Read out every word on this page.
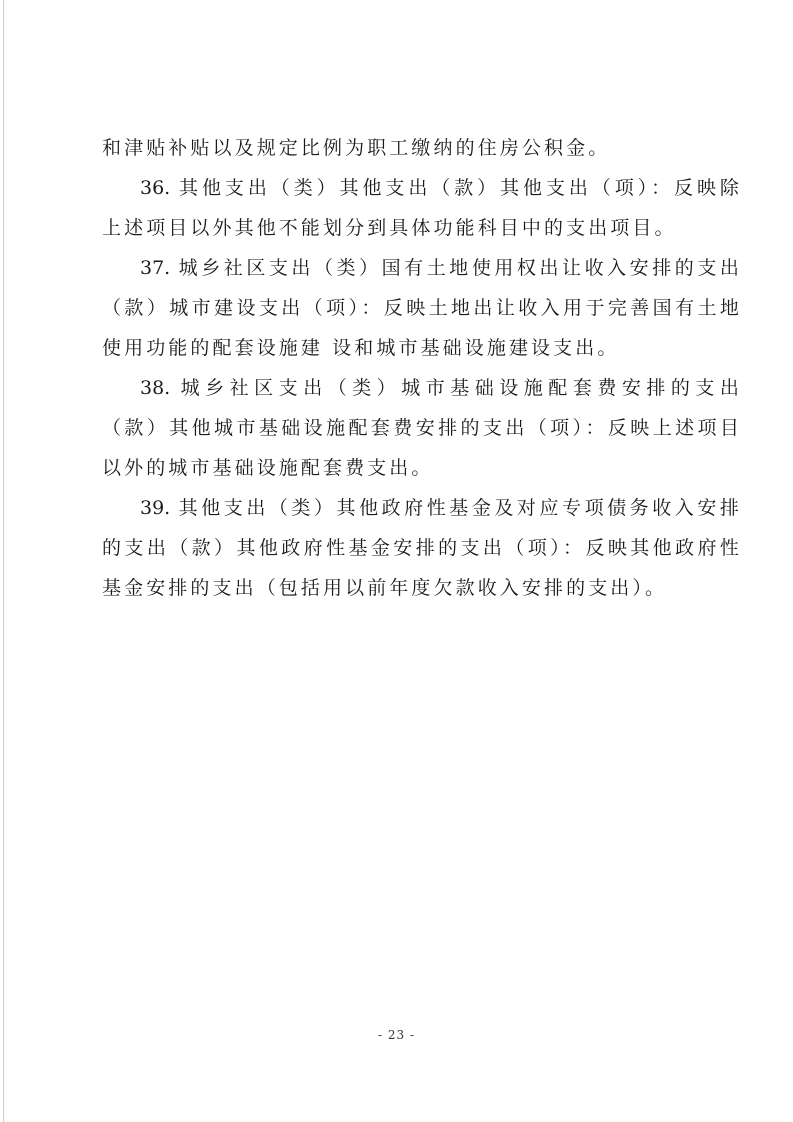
和津贴补贴以及规定比例为职工缴纳的住房公积金。

36. 其他支出（类）其他支出（款）其他支出（项）：反映除上述项目以外其他不能划分到具体功能科目中的支出项目。

37. 城乡社区支出（类）国有土地使用权出让收入安排的支出（款）城市建设支出（项）：反映土地出让收入用于完善国有土地使用功能的配套设施建 设和城市基础设施建设支出。

38. 城乡社区支出（类）城市基础设施配套费安排的支出（款）其他城市基础设施配套费安排的支出（项）：反映上述项目以外的城市基础设施配套费支出。

39. 其他支出（类）其他政府性基金及对应专项债务收入安排的支出（款）其他政府性基金安排的支出（项）：反映其他政府性基金安排的支出（包括用以前年度欠款收入安排的支出）。

- 23 -
